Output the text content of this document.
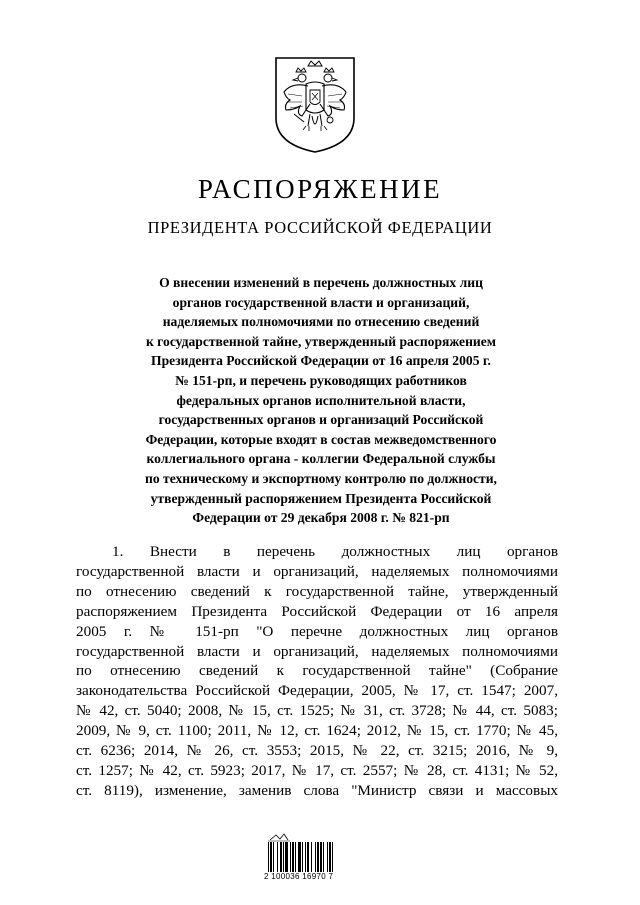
РАСПОРЯЖЕНИЕ
ПРЕЗИДЕНТА РОССИЙСКОЙ ФЕДЕРАЦИИ
О внесении изменений в перечень должностных лиц
органов государственной власти и организаций,
наделяемых полномочиями по отнесению сведений
к государственной тайне, утвержденный распоряжением
Президента Российской Федерации от 16 апреля 2005 г.
№ 151-рп, и перечень руководящих работников
федеральных органов исполнительной власти,
государственных органов и организаций Российской
Федерации, которые входят в состав межведомственного
коллегиального органа - коллегии Федеральной службы
по техническому и экспортному контролю по должности,
утвержденный распоряжением Президента Российской
Федерации от 29 декабря 2008 г. № 821-рп
1. Внести в перечень должностных лиц органов
государственной власти и организаций, наделяемых полномочиями
по отнесению сведений к государственной тайне, утвержденный
распоряжением Президента Российской Федерации от 16 апреля
2005 г. № 151-рп "О перечне должностных лиц органов
государственной власти и организаций, наделяемых полномочиями
по отнесению сведений к государственной тайне" (Собрание
законодательства Российской Федерации, 2005, № 17, ст. 1547; 2007,
№ 42, ст. 5040; 2008, № 15, ст. 1525; № 31, ст. 3728; № 44, ст. 5083;
2009, № 9, ст. 1100; 2011, № 12, ст. 1624; 2012, № 15, ст. 1770; № 45,
ст. 6236; 2014, № 26, ст. 3553; 2015, № 22, ст. 3215; 2016, № 9,
ст. 1257; № 42, ст. 5923; 2017, № 17, ст. 2557; № 28, ст. 4131; № 52,
ст. 8119), изменение, заменив слова "Министр связи и массовых
2 100036 16970 7
